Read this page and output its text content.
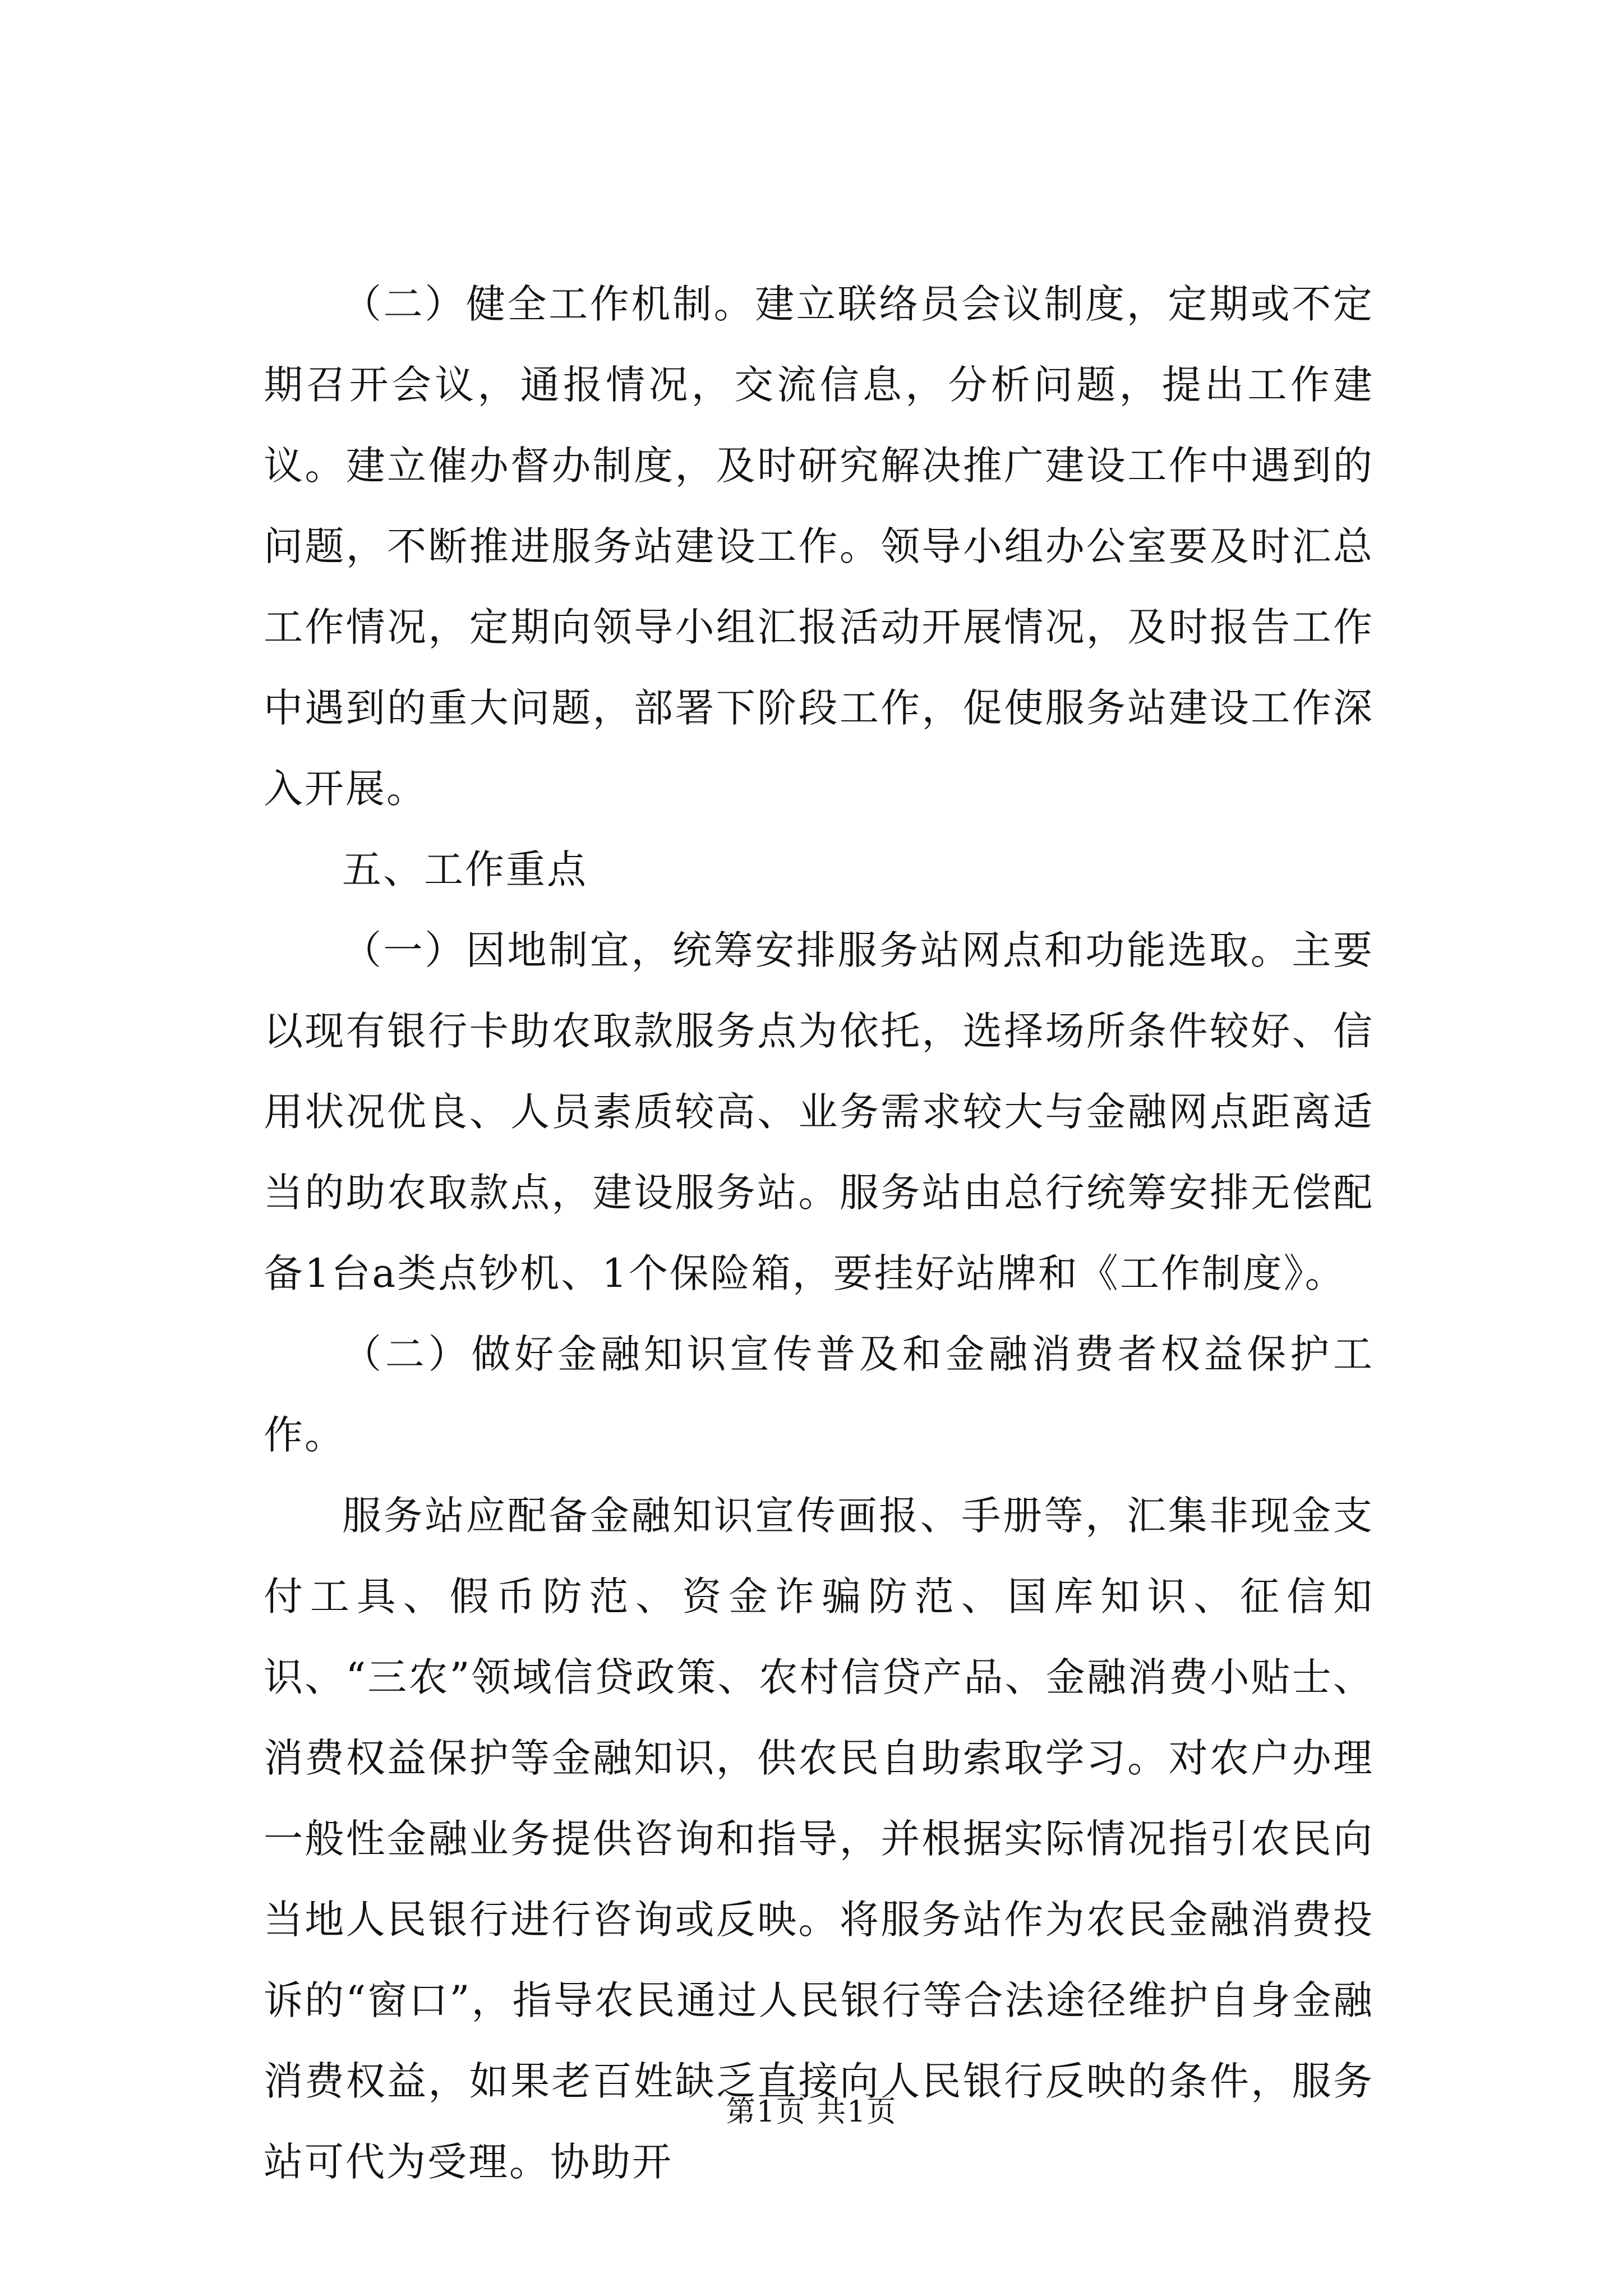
（二）健全工作机制。建立联络员会议制度，定期或不定期召开会议，通报情况，交流信息，分析问题，提出工作建议。建立催办督办制度，及时研究解决推广建设工作中遇到的问题，不断推进服务站建设工作。领导小组办公室要及时汇总工作情况，定期向领导小组汇报活动开展情况，及时报告工作中遇到的重大问题，部署下阶段工作，促使服务站建设工作深入开展。

五、工作重点

（一）因地制宜，统筹安排服务站网点和功能选取。主要以现有银行卡助农取款服务点为依托，选择场所条件较好、信用状况优良、人员素质较高、业务需求较大与金融网点距离适当的助农取款点，建设服务站。服务站由总行统筹安排无偿配备1台a类点钞机、1个保险箱，要挂好站牌和《工作制度》。

（二）做好金融知识宣传普及和金融消费者权益保护工作。

服务站应配备金融知识宣传画报、手册等，汇集非现金支付工具、假币防范、资金诈骗防范、国库知识、征信知识、“三农”领域信贷政策、农村信贷产品、金融消费小贴士、消费权益保护等金融知识，供农民自助索取学习。对农户办理一般性金融业务提供咨询和指导，并根据实际情况指引农民向当地人民银行进行咨询或反映。将服务站作为农民金融消费投诉的“窗口”，指导农民通过人民银行等合法途径维护自身金融消费权益，如果老百姓缺乏直接向人民银行反映的条件，服务站可代为受理。协助开

第1页 共1页
